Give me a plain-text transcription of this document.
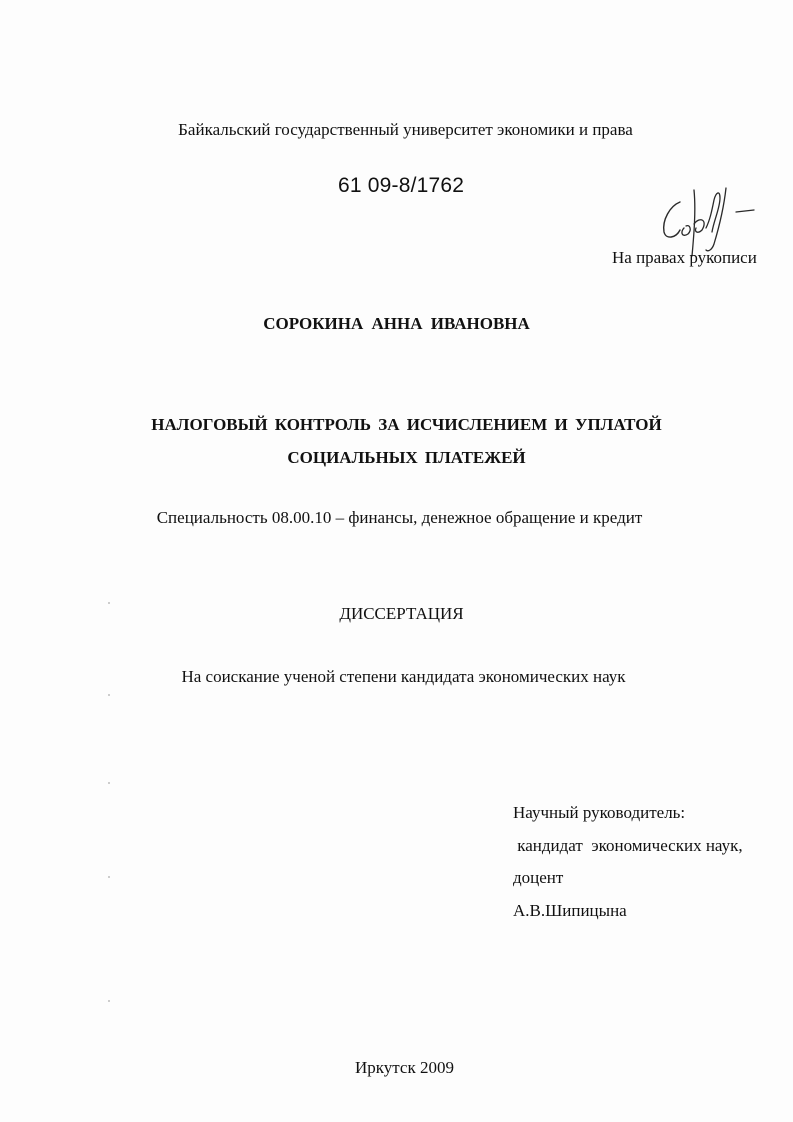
Байкальский государственный университет экономики и права
61 09-8/1762
На правах рукописи
СОРОКИНА АННА ИВАНОВНА
НАЛОГОВЫЙ КОНТРОЛЬ ЗА ИСЧИСЛЕНИЕМ И УПЛАТОЙ
СОЦИАЛЬНЫХ ПЛАТЕЖЕЙ
Специальность 08.00.10 – финансы, денежное обращение и кредит
ДИССЕРТАЦИЯ
На соискание ученой степени кандидата экономических наук
Научный руководитель:
кандидат  экономических наук,
доцент
А.В.Шипицына
Иркутск 2009
